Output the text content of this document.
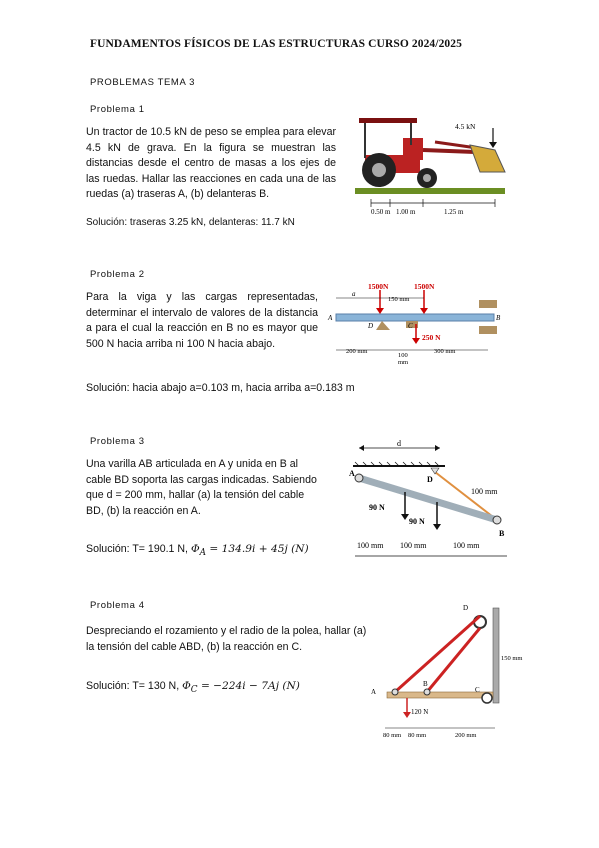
FUNDAMENTOS FÍSICOS DE LAS ESTRUCTURAS CURSO 2024/2025
PROBLEMAS TEMA 3
Problema 1
Un tractor de 10.5 kN de peso se emplea para elevar 4.5 kN de grava. En la figura se muestran las distancias desde el centro de masas a los ejes de las ruedas. Hallar las reacciones en cada una de las ruedas (a) traseras A, (b) delanteras B.
Solución: traseras 3.25 kN, delanteras: 11.7 kN
4.5 kN
0.50 m 1.00 m	1.25 m
Problema 2
Para la viga y las cargas representadas, determinar el intervalo de valores de la distancia a para el cual la reacción en B no es mayor que 500 N hacia arriba ni 100 N hacia abajo.
Solución: hacia abajo a=0.103 m, hacia arriba a=0.183 m
1500N	1500N
250 N
A	B
C
D
a
150 mm
200 mm
100
mm
300 mm
Problema 3
Una varilla AB articulada en A y unida en B al cable BD soporta las cargas indicadas. Sabiendo que d = 200 mm, hallar (a) la tensión del cable BD, (b) la reacción en A.
Solución: T= 190.1 N, $\Phi_A = 134.9i + 45j$ (N)
d
90 N
90 N
A
B
D
100 mm
100 mm 100 mm	100 mm
Problema 4
Despreciando el rozamiento y el radio de la polea, hallar (a) la tensión del cable ABD, (b) la reacción en C.
Solución: T= 130 N, $\Phi_C = -224i - 7Aj$ (N)
120 N
A
B
C
D
150 mm
80 mm 80 mm	200 mm
